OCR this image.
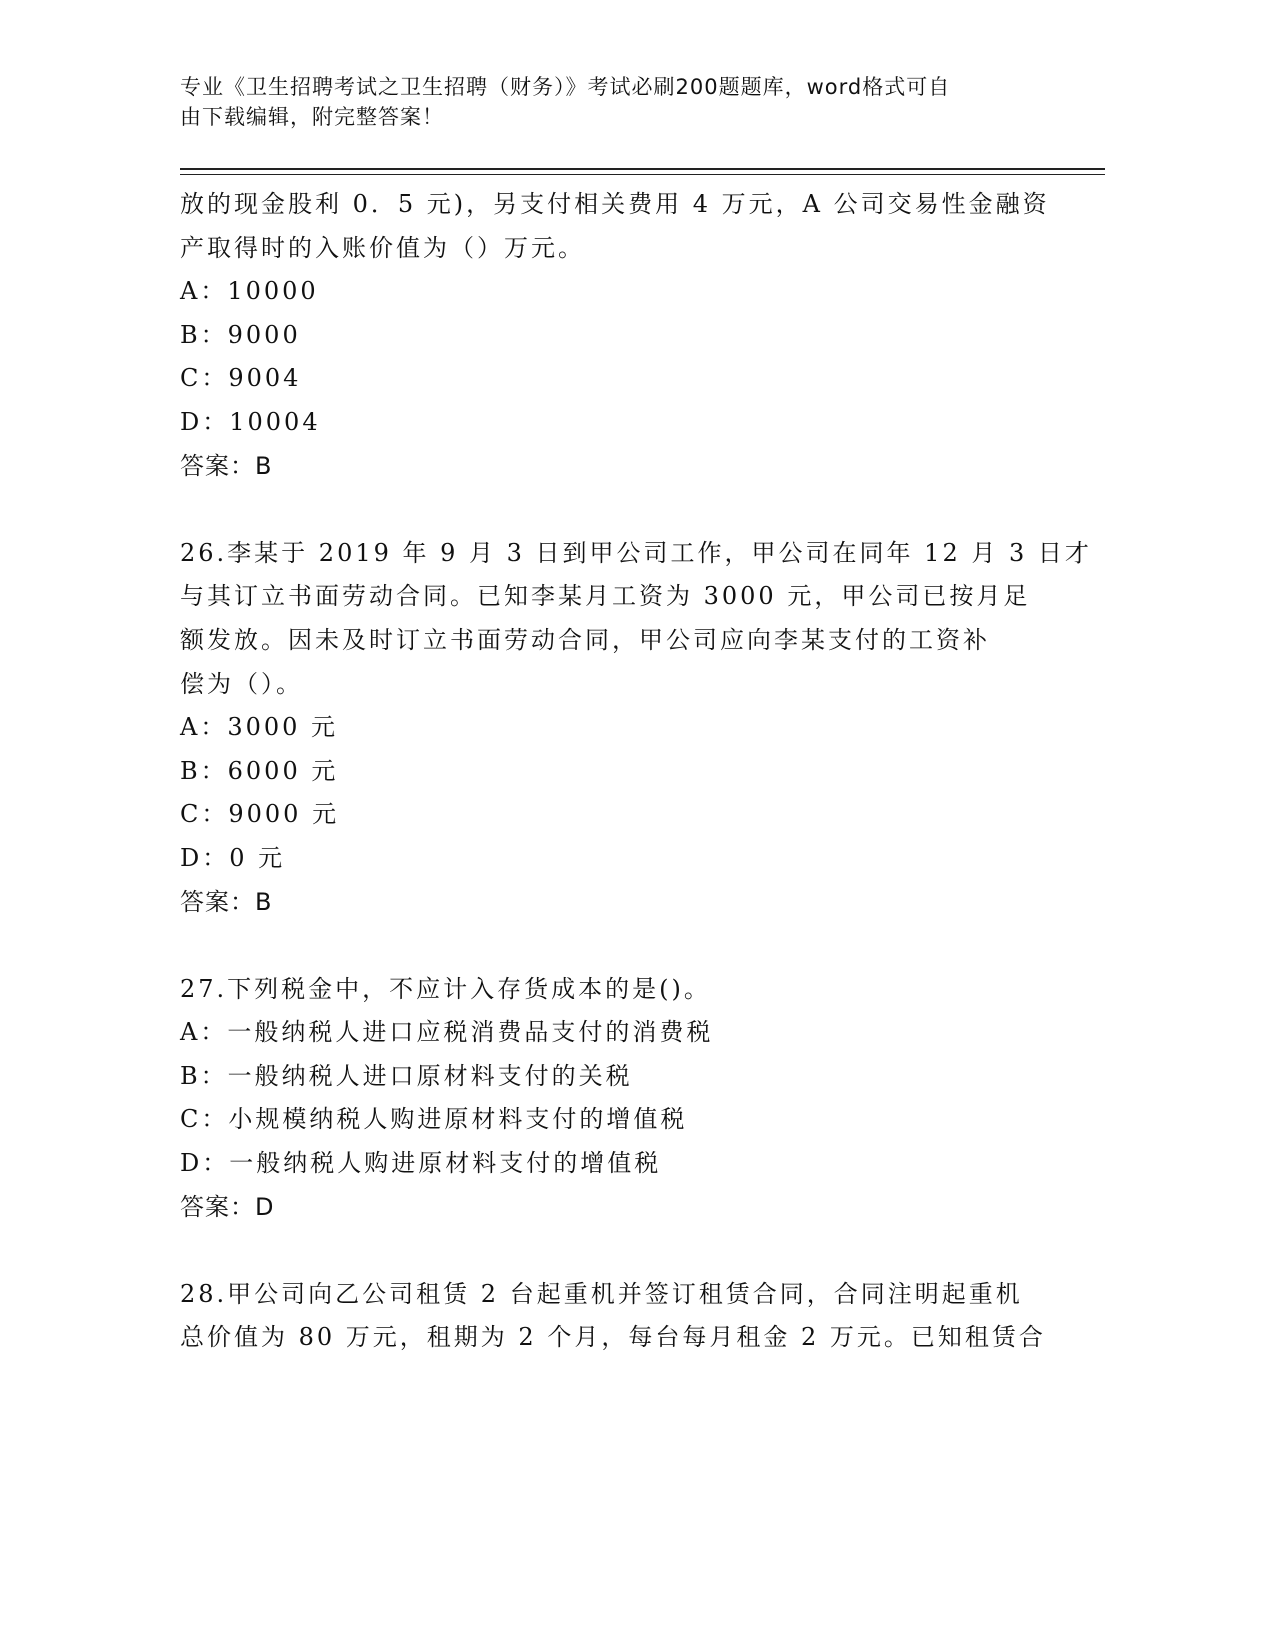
专业《卫生招聘考试之卫生招聘（财务）》考试必刷200题题库，word格式可自
由下载编辑，附完整答案！
放的现金股利 0．5 元)，另支付相关费用 4 万元，A 公司交易性金融资
产取得时的入账价值为（）万元。
A：10000
B：9000
C：9004
D：10004
答案：B
26.李某于 2019 年 9 月 3 日到甲公司工作，甲公司在同年 12 月 3 日才
与其订立书面劳动合同。已知李某月工资为 3000 元，甲公司已按月足
额发放。因未及时订立书面劳动合同，甲公司应向李某支付的工资补
偿为（）。
A：3000 元
B：6000 元
C：9000 元
D：0 元
答案：B
27.下列税金中，不应计入存货成本的是()。
A：一般纳税人进口应税消费品支付的消费税
B：一般纳税人进口原材料支付的关税
C：小规模纳税人购进原材料支付的增值税
D：一般纳税人购进原材料支付的增值税
答案：D
28.甲公司向乙公司租赁 2 台起重机并签订租赁合同，合同注明起重机
总价值为 80 万元，租期为 2 个月，每台每月租金 2 万元。已知租赁合
